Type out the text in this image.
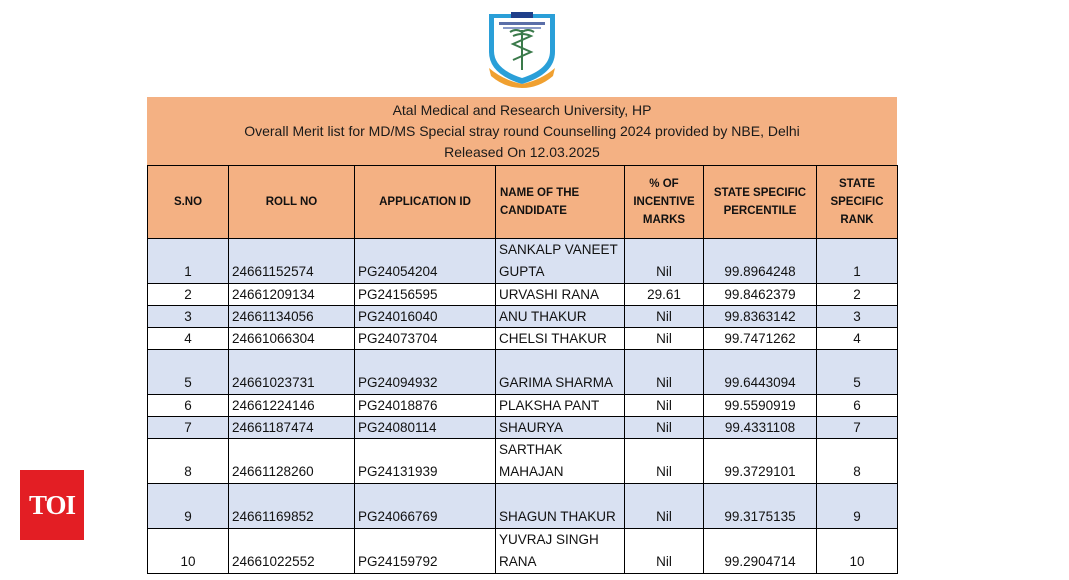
TOI
Atal Medical and Research University, HP
Overall Merit list for MD/MS Special stray round Counselling 2024 provided by NBE, Delhi
Released On 12.03.2025
S.NO	ROLL NO	APPLICATION ID	NAME OF THE CANDIDATE	% OF INCENTIVE MARKS	STATE SPECIFIC PERCENTILE	STATE SPECIFIC RANK
1	24661152574	PG24054204	SANKALP VANEET GUPTA	Nil	99.8964248	1
2	24661209134	PG24156595	URVASHI RANA	29.61	99.8462379	2
3	24661134056	PG24016040	ANU THAKUR	Nil	99.8363142	3
4	24661066304	PG24073704	CHELSI THAKUR	Nil	99.7471262	4
5	24661023731	PG24094932	GARIMA SHARMA	Nil	99.6443094	5
6	24661224146	PG24018876	PLAKSHA PANT	Nil	99.5590919	6
7	24661187474	PG24080114	SHAURYA	Nil	99.4331108	7
8	24661128260	PG24131939	SARTHAK MAHAJAN	Nil	99.3729101	8
9	24661169852	PG24066769	SHAGUN THAKUR	Nil	99.3175135	9
10	24661022552	PG24159792	YUVRAJ SINGH RANA	Nil	99.2904714	10
